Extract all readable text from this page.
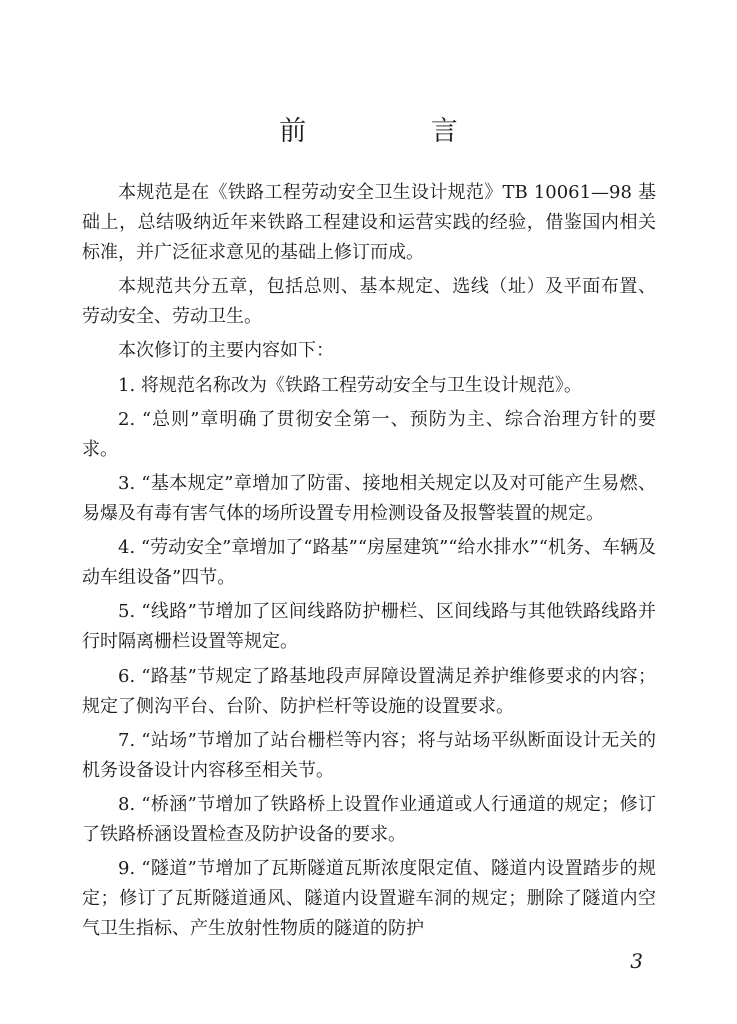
前 言

本规范是在《铁路工程劳动安全卫生设计规范》TB 10061—98 基础上，总结吸纳近年来铁路工程建设和运营实践的经验，借鉴国内相关标准，并广泛征求意见的基础上修订而成。

本规范共分五章，包括总则、基本规定、选线（址）及平面布置、劳动安全、劳动卫生。

本次修订的主要内容如下：

1. 将规范名称改为《铁路工程劳动安全与卫生设计规范》。

2. “总则”章明确了贯彻安全第一、预防为主、综合治理方针的要求。

3. “基本规定”章增加了防雷、接地相关规定以及对可能产生易燃、易爆及有毒有害气体的场所设置专用检测设备及报警装置的规定。

4. “劳动安全”章增加了“路基”“房屋建筑”“给水排水”“机务、车辆及动车组设备”四节。

5. “线路”节增加了区间线路防护栅栏、区间线路与其他铁路线路并行时隔离栅栏设置等规定。

6. “路基”节规定了路基地段声屏障设置满足养护维修要求的内容；规定了侧沟平台、台阶、防护栏杆等设施的设置要求。

7. “站场”节增加了站台栅栏等内容；将与站场平纵断面设计无关的机务设备设计内容移至相关节。

8. “桥涵”节增加了铁路桥上设置作业通道或人行通道的规定；修订了铁路桥涵设置检查及防护设备的要求。

9. “隧道”节增加了瓦斯隧道瓦斯浓度限定值、隧道内设置踏步的规定；修订了瓦斯隧道通风、隧道内设置避车洞的规定；删除了隧道内空气卫生指标、产生放射性物质的隧道的防护

3
